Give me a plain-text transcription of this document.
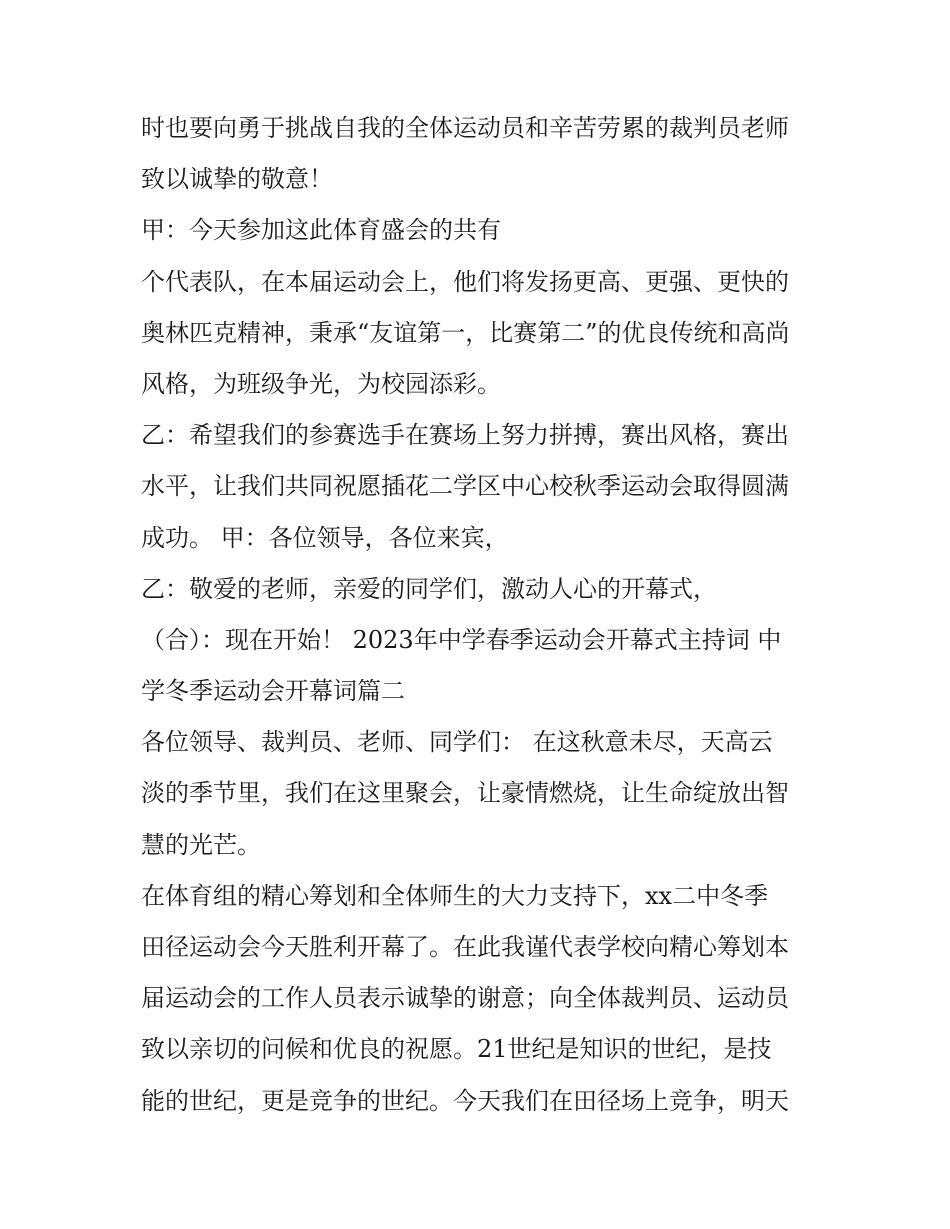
时也要向勇于挑战自我的全体运动员和辛苦劳累的裁判员老师
致以诚挚的敬意！
甲：今天参加这此体育盛会的共有
个代表队，在本届运动会上，他们将发扬更高、更强、更快的
奥林匹克精神，秉承“友谊第一，比赛第二”的优良传统和高尚
风格，为班级争光，为校园添彩。
乙：希望我们的参赛选手在赛场上努力拼搏，赛出风格，赛出
水平，让我们共同祝愿插花二学区中心校秋季运动会取得圆满
成功。 甲：各位领导，各位来宾，
乙：敬爱的老师，亲爱的同学们，激动人心的开幕式，
（合）：现在开始！ 2023年中学春季运动会开幕式主持词 中
学冬季运动会开幕词篇二
各位领导、裁判员、老师、同学们： 在这秋意未尽，天高云
淡的季节里，我们在这里聚会，让豪情燃烧，让生命绽放出智
慧的光芒。
在体育组的精心筹划和全体师生的大力支持下，xx二中冬季
田径运动会今天胜利开幕了。在此我谨代表学校向精心筹划本
届运动会的工作人员表示诚挚的谢意；向全体裁判员、运动员
致以亲切的问候和优良的祝愿。21世纪是知识的世纪，是技
能的世纪，更是竞争的世纪。今天我们在田径场上竞争，明天
